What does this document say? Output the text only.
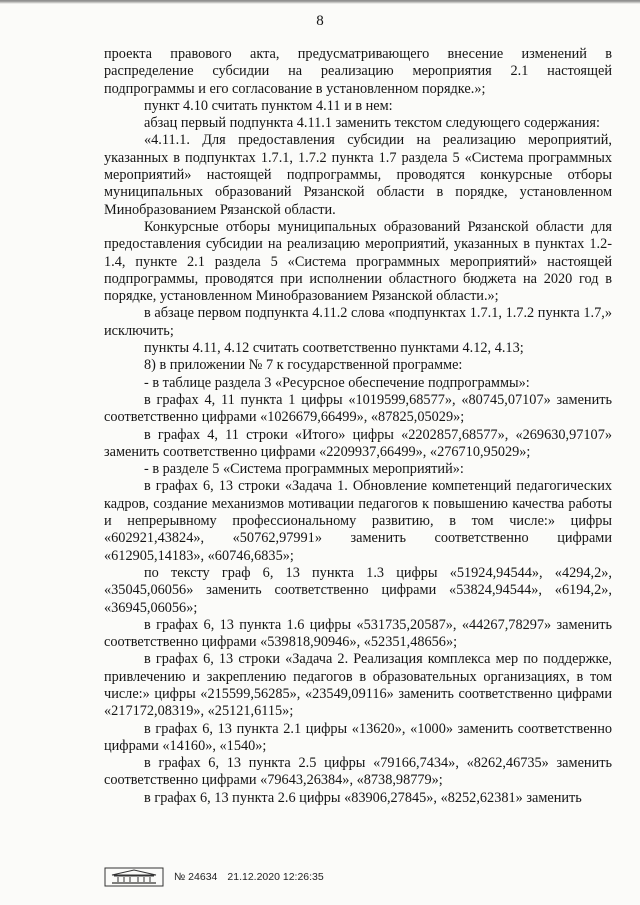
8

проекта правового акта, предусматривающего внесение изменений в распределение субсидии на реализацию мероприятия 2.1 настоящей подпрограммы и его согласование в установленном порядке.»;

пункт 4.10 считать пунктом 4.11 и в нем:

абзац первый подпункта 4.11.1 заменить текстом следующего содержания:

«4.11.1. Для предоставления субсидии на реализацию мероприятий, указанных в подпунктах 1.7.1, 1.7.2 пункта 1.7 раздела 5 «Система программных мероприятий» настоящей подпрограммы, проводятся конкурсные отборы муниципальных образований Рязанской области в порядке, установленном Минобразованием Рязанской области.

Конкурсные отборы муниципальных образований Рязанской области для предоставления субсидии на реализацию мероприятий, указанных в пунктах 1.2-1.4, пункте 2.1 раздела 5 «Система программных мероприятий» настоящей подпрограммы, проводятся при исполнении областного бюджета на 2020 год в порядке, установленном Минобразованием Рязанской области.»;

в абзаце первом подпункта 4.11.2 слова «подпунктах 1.7.1, 1.7.2 пункта 1.7,» исключить;

пункты 4.11, 4.12 считать соответственно пунктами 4.12, 4.13;

8) в приложении № 7 к государственной программе:

- в таблице раздела 3 «Ресурсное обеспечение подпрограммы»:

в графах 4, 11 пункта 1 цифры «1019599,68577», «80745,07107» заменить соответственно цифрами «1026679,66499», «87825,05029»;

в графах 4, 11 строки «Итого» цифры «2202857,68577», «269630,97107» заменить соответственно цифрами «2209937,66499», «276710,95029»;

- в разделе 5 «Система программных мероприятий»:

в графах 6, 13 строки «Задача 1. Обновление компетенций педагогических кадров, создание механизмов мотивации педагогов к повышению качества работы и непрерывному профессиональному развитию, в том числе:» цифры «602921,43824», «50762,97991» заменить соответственно цифрами «612905,14183», «60746,6835»;

по тексту граф 6, 13 пункта 1.3 цифры «51924,94544», «4294,2», «35045,06056» заменить соответственно цифрами «53824,94544», «6194,2», «36945,06056»;

в графах 6, 13 пункта 1.6 цифры «531735,20587», «44267,78297» заменить соответственно цифрами «539818,90946», «52351,48656»;

в графах 6, 13 строки «Задача 2. Реализация комплекса мер по поддержке, привлечению и закреплению педагогов в образовательных организациях, в том числе:» цифры «215599,56285», «23549,09116» заменить соответственно цифрами «217172,08319», «25121,6115»;

в графах 6, 13 пункта 2.1 цифры «13620», «1000» заменить соответственно цифрами «14160», «1540»;

в графах 6, 13 пункта 2.5 цифры «79166,7434», «8262,46735» заменить соответственно цифрами «79643,26384», «8738,98779»;

в графах 6, 13 пункта 2.6 цифры «83906,27845», «8252,62381» заменить

№ 24634 21.12.2020 12:26:35
